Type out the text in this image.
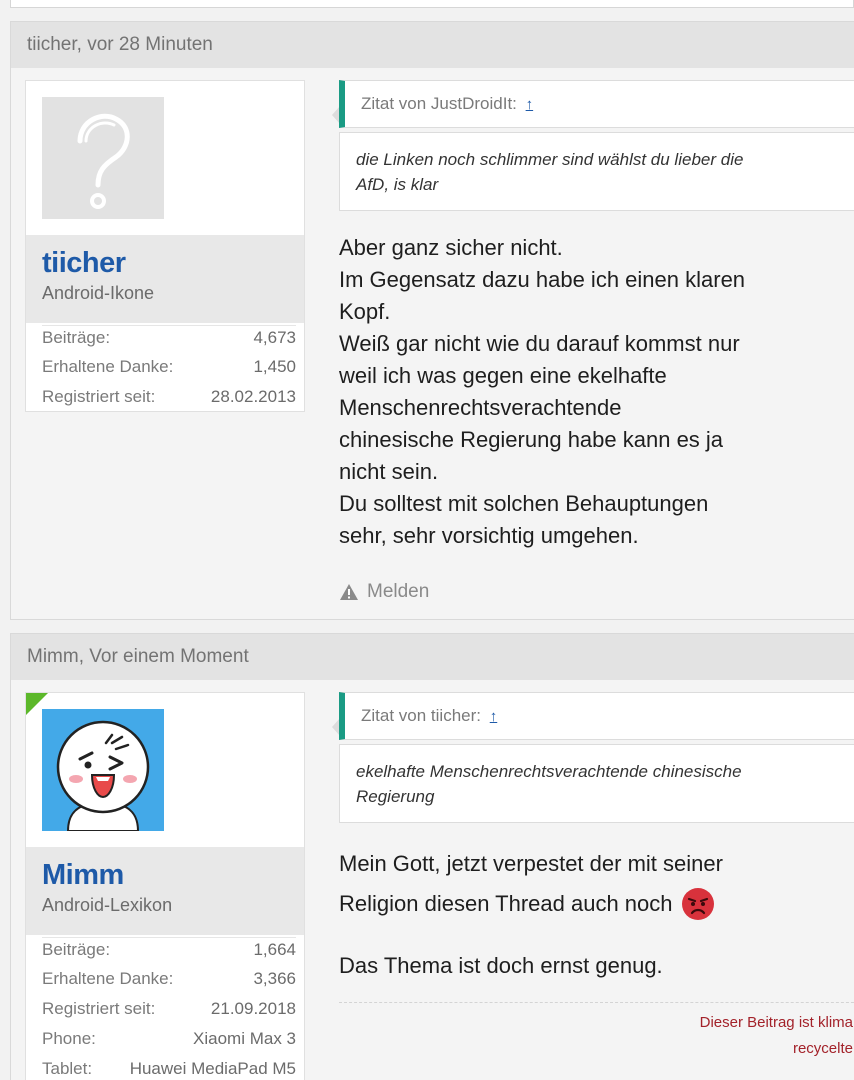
tiicher, vor 28 Minuten
tiicher
Android-Ikone
Beiträge:	4,673
Erhaltene Danke:	1,450
Registriert seit:	28.02.2013
Zitat von JustDroidIt: ↑
die Linken noch schlimmer sind wählst du lieber die
AfD, is klar
Aber ganz sicher nicht.
Im Gegensatz dazu habe ich einen klaren
Kopf.
Weiß gar nicht wie du darauf kommst nur
weil ich was gegen eine ekelhafte
Menschenrechtsverachtende
chinesische Regierung habe kann es ja
nicht sein.
Du solltest mit solchen Behauptungen
sehr, sehr vorsichtig umgehen.
Melden
Mimm, Vor einem Moment
Mimm
Android-Lexikon
Beiträge:	1,664
Erhaltene Danke:	3,366
Registriert seit:	21.09.2018
Phone:	Xiaomi Max 3
Tablet: Huawei MediaPad M5
Zitat von tiicher: ↑
ekelhafte Menschenrechtsverachtende chinesische
Regierung
Mein Gott, jetzt verpestet der mit seiner
Religion diesen Thread auch noch
Das Thema ist doch ernst genug.
Dieser Beitrag ist klima
recycelte
